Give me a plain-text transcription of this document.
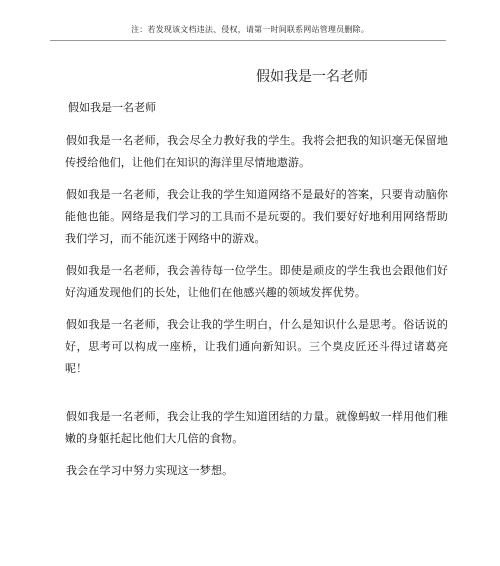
注：若发现该文档违法、侵权，请第一时间联系网站管理员删除。
假如我是一名老师

假如我是一名老师

假如我是一名老师，我会尽全力教好我的学生。我将会把我的知识毫无保留地传授给他们，让他们在知识的海洋里尽情地遨游。

假如我是一名老师，我会让我的学生知道网络不是最好的答案，只要肯动脑你能他也能。网络是我们学习的工具而不是玩耍的。我们要好好地利用网络帮助我们学习，而不能沉迷于网络中的游戏。

假如我是一名老师，我会善待每一位学生。即使是顽皮的学生我也会跟他们好好沟通发现他们的长处，让他们在他感兴趣的领域发挥优势。

假如我是一名老师，我会让我的学生明白，什么是知识什么是思考。俗话说的好，思考可以构成一座桥，让我们通向新知识。三个臭皮匠还斗得过诸葛亮呢！

假如我是一名老师，我会让我的学生知道团结的力量。就像蚂蚁一样用他们稚嫩的身躯托起比他们大几倍的食物。

我会在学习中努力实现这一梦想。
